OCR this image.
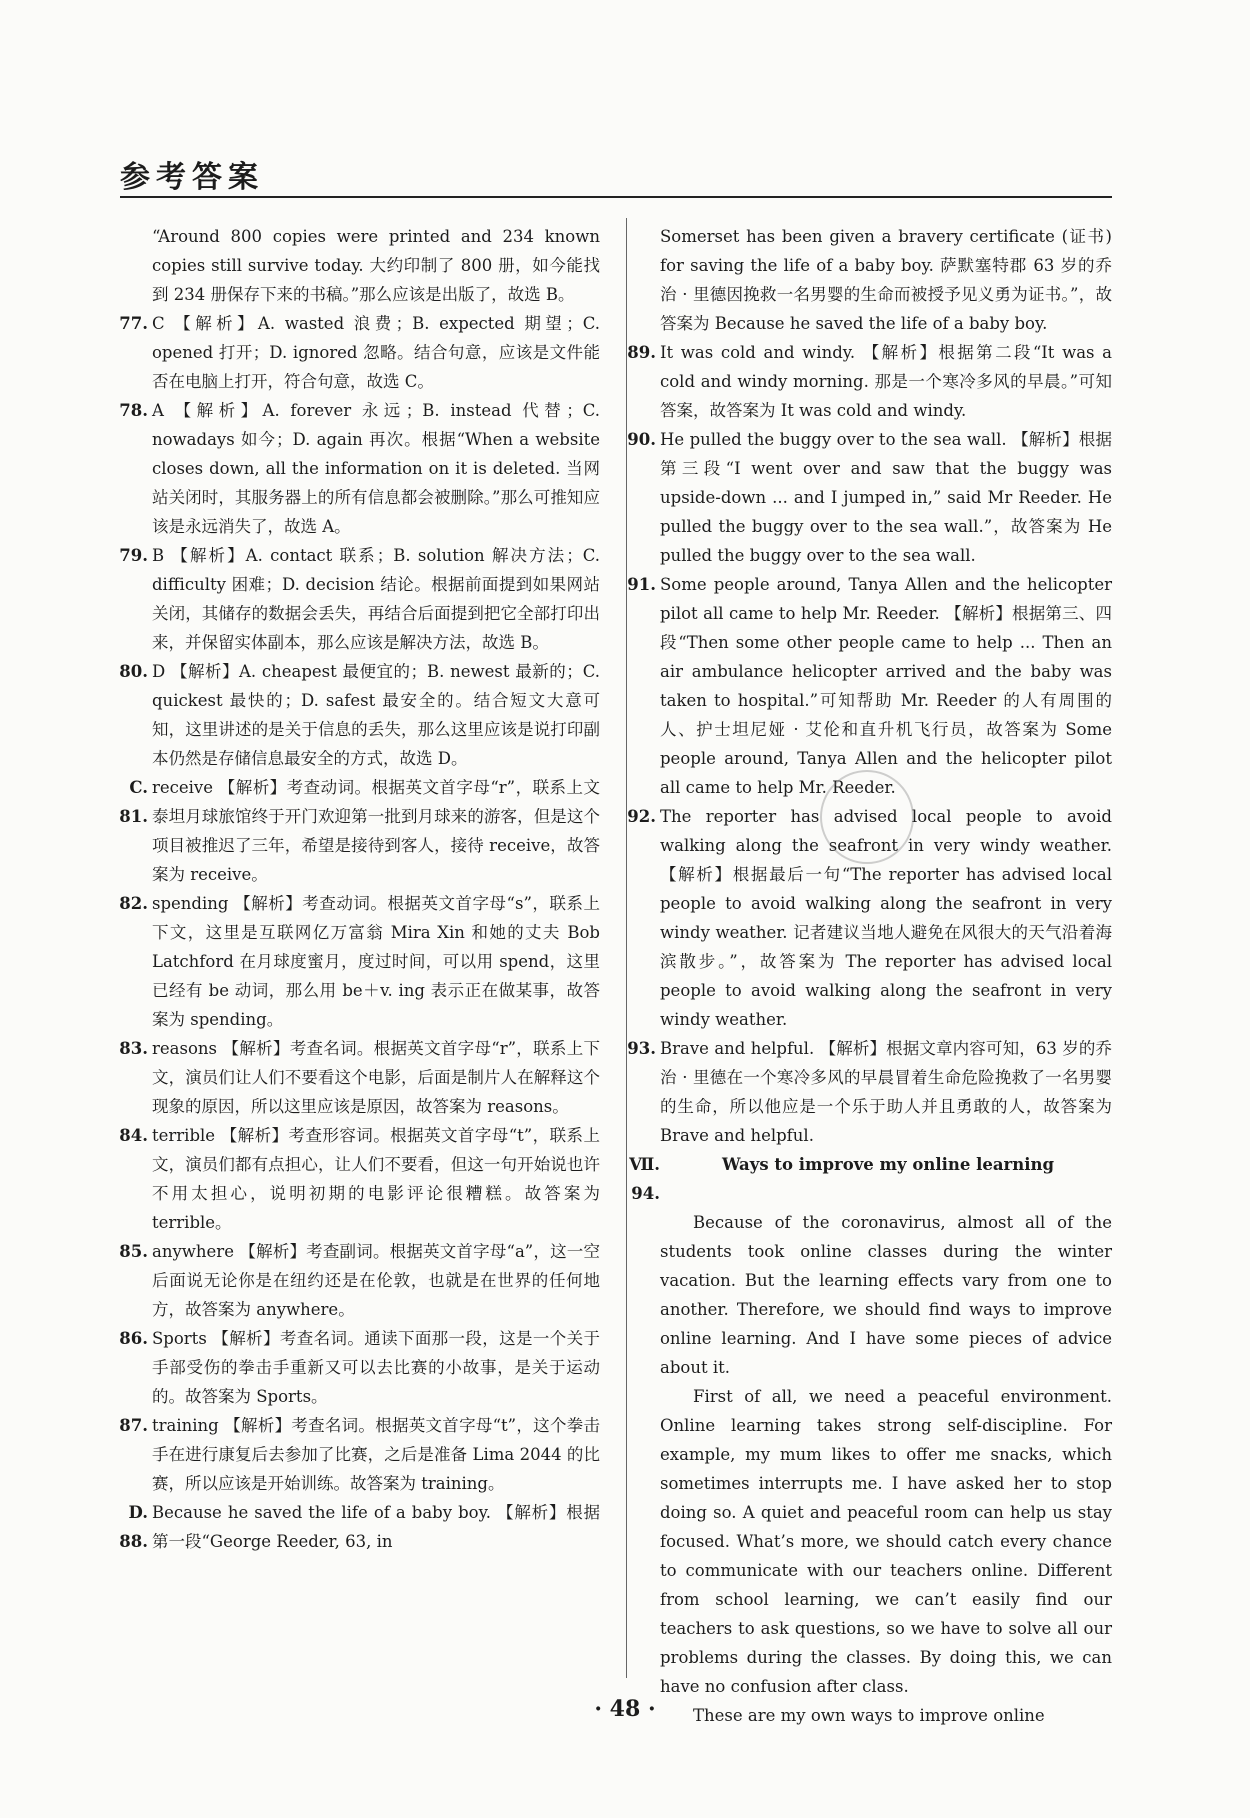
参考答案
“Around 800 copies were printed and 234 known copies still survive today. 大约印制了 800 册，如今能找到 234 册保存下来的书稿。”那么应该是出版了，故选 B。
77. C 【解析】A. wasted 浪费；B. expected 期望；C. opened 打开；D. ignored 忽略。结合句意，应该是文件能否在电脑上打开，符合句意，故选 C。
78. A 【解析】A. forever 永远；B. instead 代替；C. nowadays 如今；D. again 再次。根据“When a website closes down, all the information on it is deleted. 当网站关闭时，其服务器上的所有信息都会被删除。”那么可推知应该是永远消失了，故选 A。
79. B 【解析】A. contact 联系；B. solution 解决方法；C. difficulty 困难；D. decision 结论。根据前面提到如果网站关闭，其储存的数据会丢失，再结合后面提到把它全部打印出来，并保留实体副本，那么应该是解决方法，故选 B。
80. D 【解析】A. cheapest 最便宜的；B. newest 最新的；C. quickest 最快的；D. safest 最安全的。结合短文大意可知，这里讲述的是关于信息的丢失，那么这里应该是说打印副本仍然是存储信息最安全的方式，故选 D。
C. 81.
receive 【解析】考查动词。根据英文首字母“r”，联系上文泰坦月球旅馆终于开门欢迎第一批到月球来的游客，但是这个项目被推迟了三年，希望是接待到客人，接待 receive，故答案为 receive。
82. spending 【解析】考查动词。根据英文首字母“s”，联系上下文，这里是互联网亿万富翁 Mira Xin 和她的丈夫 Bob Latchford 在月球度蜜月，度过时间，可以用 spend，这里已经有 be 动词，那么用 be＋v. ing 表示正在做某事，故答案为 spending。
83. reasons 【解析】考查名词。根据英文首字母“r”，联系上下文，演员们让人们不要看这个电影，后面是制片人在解释这个现象的原因，所以这里应该是原因，故答案为 reasons。
84. terrible 【解析】考查形容词。根据英文首字母“t”，联系上文，演员们都有点担心，让人们不要看，但这一句开始说也许不用太担心，说明初期的电影评论很糟糕。故答案为 terrible。
85. anywhere 【解析】考查副词。根据英文首字母“a”，这一空后面说无论你是在纽约还是在伦敦，也就是在世界的任何地方，故答案为 anywhere。
86. Sports 【解析】考查名词。通读下面那一段，这是一个关于手部受伤的拳击手重新又可以去比赛的小故事，是关于运动的。故答案为 Sports。
87. training 【解析】考查名词。根据英文首字母“t”，这个拳击手在进行康复后去参加了比赛，之后是准备 Lima 2044 的比赛，所以应该是开始训练。故答案为 training。
D. 88.
Because he saved the life of a baby boy. 【解析】根据第一段“George Reeder, 63, in
Somerset has been given a bravery certificate (证书) for saving the life of a baby boy. 萨默塞特郡 63 岁的乔治 · 里德因挽救一名男婴的生命而被授予见义勇为证书。”，故答案为 Because he saved the life of a baby boy.
89. It was cold and windy. 【解析】根据第二段“It was a cold and windy morning. 那是一个寒冷多风的早晨。”可知答案，故答案为 It was cold and windy.
90. He pulled the buggy over to the sea wall. 【解析】根据第三段“I went over and saw that the buggy was upside-down ... and I jumped in,” said Mr Reeder. He pulled the buggy over to the sea wall.”，故答案为 He pulled the buggy over to the sea wall.
91. Some people around, Tanya Allen and the helicopter pilot all came to help Mr. Reeder. 【解析】根据第三、四段“Then some other people came to help ... Then an air ambulance helicopter arrived and the baby was taken to hospital.”可知帮助 Mr. Reeder 的人有周围的人、护士坦尼娅 · 艾伦和直升机飞行员，故答案为 Some people around, Tanya Allen and the helicopter pilot all came to help Mr. Reeder.
92. The reporter has advised local people to avoid walking along the seafront in very windy weather. 【解析】根据最后一句“The reporter has advised local people to avoid walking along the seafront in very windy weather. 记者建议当地人避免在风很大的天气沿着海滨散步。”，故答案为 The reporter has advised local people to avoid walking along the seafront in very windy weather.
93. Brave and helpful. 【解析】根据文章内容可知，63 岁的乔治 · 里德在一个寒冷多风的早晨冒着生命危险挽救了一名男婴的生命，所以他应是一个乐于助人并且勇敢的人，故答案为 Brave and helpful.
Ⅶ. 94.
Ways to improve my online learning

Because of the coronavirus, almost all of the students took online classes during the winter vacation. But the learning effects vary from one to another. Therefore, we should find ways to improve online learning. And I have some pieces of advice about it.

First of all, we need a peaceful environment. Online learning takes strong self-discipline. For example, my mum likes to offer me snacks, which sometimes interrupts me. I have asked her to stop doing so. A quiet and peaceful room can help us stay focused. What’s more, we should catch every chance to communicate with our teachers online. Different from school learning, we can’t easily find our teachers to ask questions, so we have to solve all our problems during the classes. By doing this, we can have no confusion after class.

These are my own ways to improve online

· 48 ·
